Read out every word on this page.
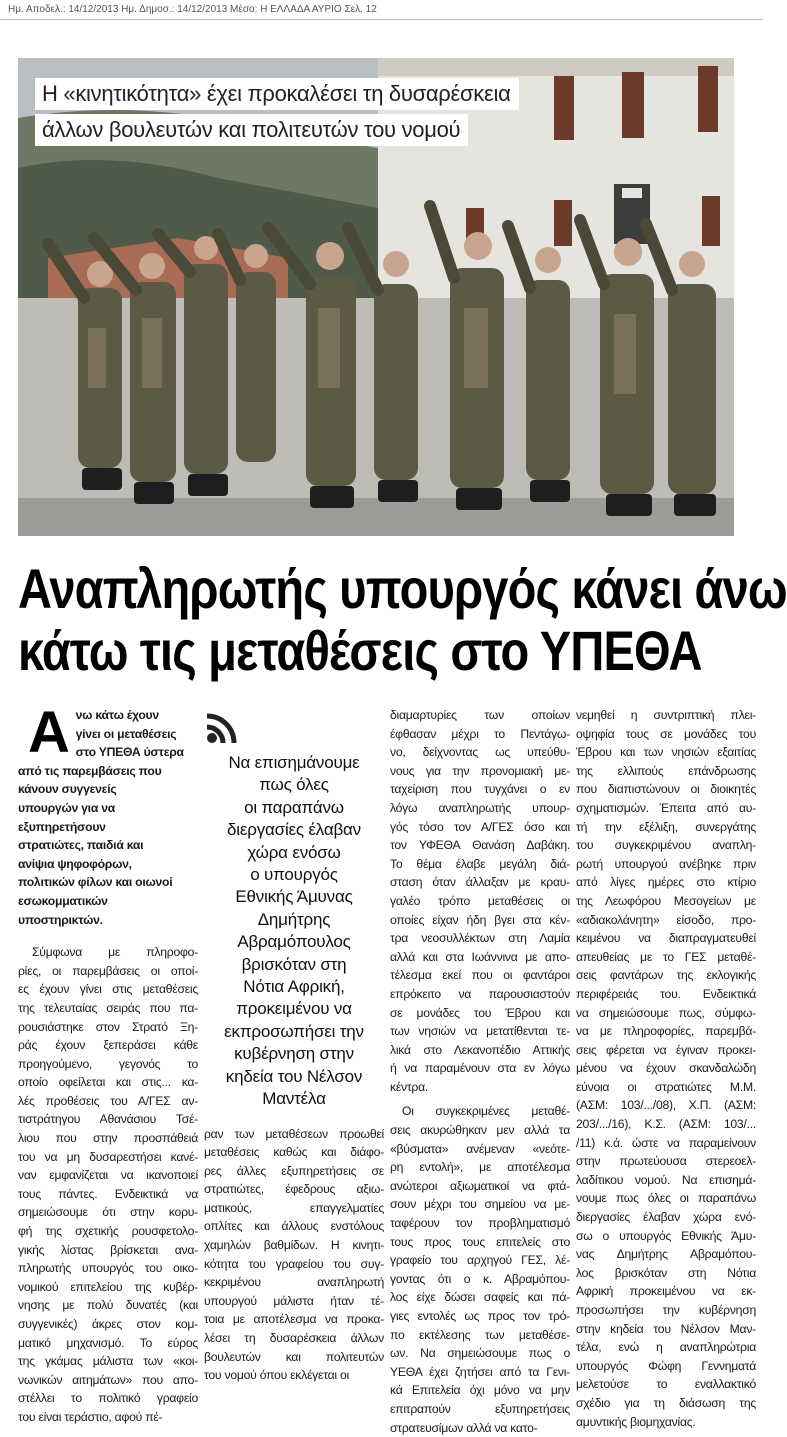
Ημ. Αποδελ.: 14/12/2013 Ημ. Δημοσ.: 14/12/2013 Μέσο: Η ΕΛΛΑΔΑ ΑΥΡΙΟ Σελ. 12
Η «κινητικότητα» έχει προκαλέσει τη δυσαρέσκεια
άλλων βουλευτών και πολιτευτών του νομού
Αναπληρωτής υπουργός κάνει άνω
κάτω τις μεταθέσεις στο ΥΠΕΘΑ
Α νω κάτω έχουν
γίνει οι μεταθέσεις
στο ΥΠΕΘΑ ύστερα
από τις παρεμβάσεις που
κάνουν συγγενείς
υπουργών για να
εξυπηρετήσουν
στρατιώτες, παιδιά και
ανίψια ψηφοφόρων,
πολιτικών φίλων και οιωνοί
εσωκομματικών
υποστηρικτών.
Σύμφωνα με πληροφο-
ρίες, οι παρεμβάσεις οι οποί-
ες έχουν γίνει στις μεταθέσεις
της τελευταίας σειράς που πα-
ρουσιάστηκε στον Στρατό Ξη-
ράς έχουν ξεπεράσει κάθε
προηγούμενο, γεγονός το
οποίο οφείλεται και στις... κα-
λές προθέσεις του Α/ΓΕΣ αν-
τιστράτηγου Αθανάσιου Τσέ-
λιου που στην προσπάθειά
του να μη δυσαρεστήσει κανέ-
ναν εμφανίζεται να ικανοποιεί
τους πάντες. Ενδεικτικά να
σημειώσουμε ότι στην κορυ-
φή της σχετικής ρουσφετολο-
γικής λίστας βρίσκεται ανα-
πληρωτής υπουργός του οικο-
νομικού επιτελείου της κυβέρ-
νησης με πολύ δυνατές (και
συγγενικές) άκρες στον κομ-
ματικό μηχανισμό. Το εύρος
της γκάμας μάλιστα των «κοι-
νωνικών αιτημάτων» που απο-
στέλλει το πολιτικό γραφείο
του είναι τεράστιο, αφού πέ-
Να επισημάνουμε
πως όλες
οι παραπάνω
διεργασίες έλαβαν
χώρα ενόσω
ο υπουργός
Εθνικής Άμυνας
Δημήτρης
Αβραμόπουλος
βρισκόταν στη
Νότια Αφρική,
προκειμένου να
εκπροσωπήσει την
κυβέρνηση στην
κηδεία του Νέλσον
Μαντέλα
ραν των μεταθέσεων προωθεί
μεταθέσεις καθώς και διάφο-
ρες άλλες εξυπηρετήσεις σε
στρατιώτες, έφεδρους αξιω-
ματικούς, επαγγελματίες
οπλίτες και άλλους ενστόλους
χαμηλών βαθμίδων. Η κινητι-
κότητα του γραφείου του συγ-
κεκριμένου αναπληρωτή
υπουργού μάλιστα ήταν τέ-
τοια με αποτέλεσμα να προκα-
λέσει τη δυσαρέσκεια άλλων
βουλευτών και πολιτευτών
του νομού όπου εκλέγεται οι
διαμαρτυρίες των οποίων
έφθασαν μέχρι το Πεντάγω-
νο, δείχνοντας ως υπεύθυ-
νους για την προνομιακή με-
ταχείριση που τυγχάνει ο εν
λόγω αναπληρωτής υπουρ-
γός τόσο τον Α/ΓΕΣ όσο και
τον ΥΦΕΘΑ Θανάση Δαβάκη.
Το θέμα έλαβε μεγάλη διά-
σταση όταν άλλαξαν με κραυ-
γαλέο τρόπο μεταθέσεις οι
οποίες είχαν ήδη βγει στα κέν-
τρα νεοσυλλέκτων στη Λαμία
αλλά και στα Ιωάννινα με απο-
τέλεσμα εκεί που οι φαντάροι
επρόκειτο να παρουσιαστούν
σε μονάδες του Έβρου και
των νησιών να μετατίθενται τε-
λικά στο Λεκανοπέδιο Αττικής
ή να παραμένουν στα εν λόγω
κέντρα.
Οι συγκεκριμένες μεταθέ-
σεις ακυρώθηκαν μεν αλλά τα
«βύσματα» ανέμεναν «νεότε-
ρη εντολή», με αποτέλεσμα
ανώτεροι αξιωματικοί να φτά-
σουν μέχρι του σημείου να με-
ταφέρουν τον προβληματισμό
τους προς τους επιτελείς στο
γραφείο του αρχηγού ΓΕΣ, λέ-
γοντας ότι ο κ. Αβραμόπου-
λος είχε δώσει σαφείς και πά-
γιες εντολές ως προς τον τρό-
πο εκτέλεσης των μεταθέσε-
ων. Να σημειώσουμε πως ο
ΥΕΘΑ έχει ζητήσει από τα Γενι-
κά Επιτελεία όχι μόνο να μην
επιτραπούν εξυπηρετήσεις
στρατευσίμων αλλά να κατο-
νεμηθεί η συντριπτική πλει-
οψηφία τους σε μονάδες του
Έβρου και των νησιών εξαιτίας
της ελλιπούς επάνδρωσης
που διαπιστώνουν οι διοικητές
σχηματισμών. Έπειτα από αυ-
τή την εξέλιξη, συνεργάτης
του συγκεκριμένου αναπλη-
ρωτή υπουργού ανέβηκε πριν
από λίγες ημέρες στο κτίριο
της Λεωφόρου Μεσογείων με
«αδιακολάνητη» είσοδο, προ-
κειμένου να διαπραγματευθεί
απευθείας με το ΓΕΣ μεταθέ-
σεις φαντάρων της εκλογικής
περιφέρειάς του. Ενδεικτικά
να σημειώσουμε πως, σύμφω-
να με πληροφορίες, παρεμβά-
σεις φέρεται να έγιναν προκει-
μένου να έχουν σκανδαλώδη
εύνοια οι στρατιώτες Μ.Μ.
(ΑΣΜ: 103/.../08), Χ.Π. (ΑΣΜ:
203/.../16), Κ.Σ. (ΑΣΜ: 103/...
/11) κ.ά. ώστε να παραμείνουν
στην πρωτεύουσα στερεοελ-
λαδίτικου νομού. Να επισημά-
νουμε πως όλες οι παραπάνω
διεργασίες έλαβαν χώρα ενό-
σω ο υπουργός Εθνικής Άμυ-
νας Δημήτρης Αβραμόπου-
λος βρισκόταν στη Νότια
Αφρική προκειμένου να εκ-
προσωπήσει την κυβέρνηση
στην κηδεία του Νέλσον Μαν-
τέλα, ενώ η αναπληρώτρια
υπουργός Φώφη Γεννηματά
μελετούσε το εναλλακτικό
σχέδιο για τη διάσωση της
αμυντικής βιομηχανίας.
